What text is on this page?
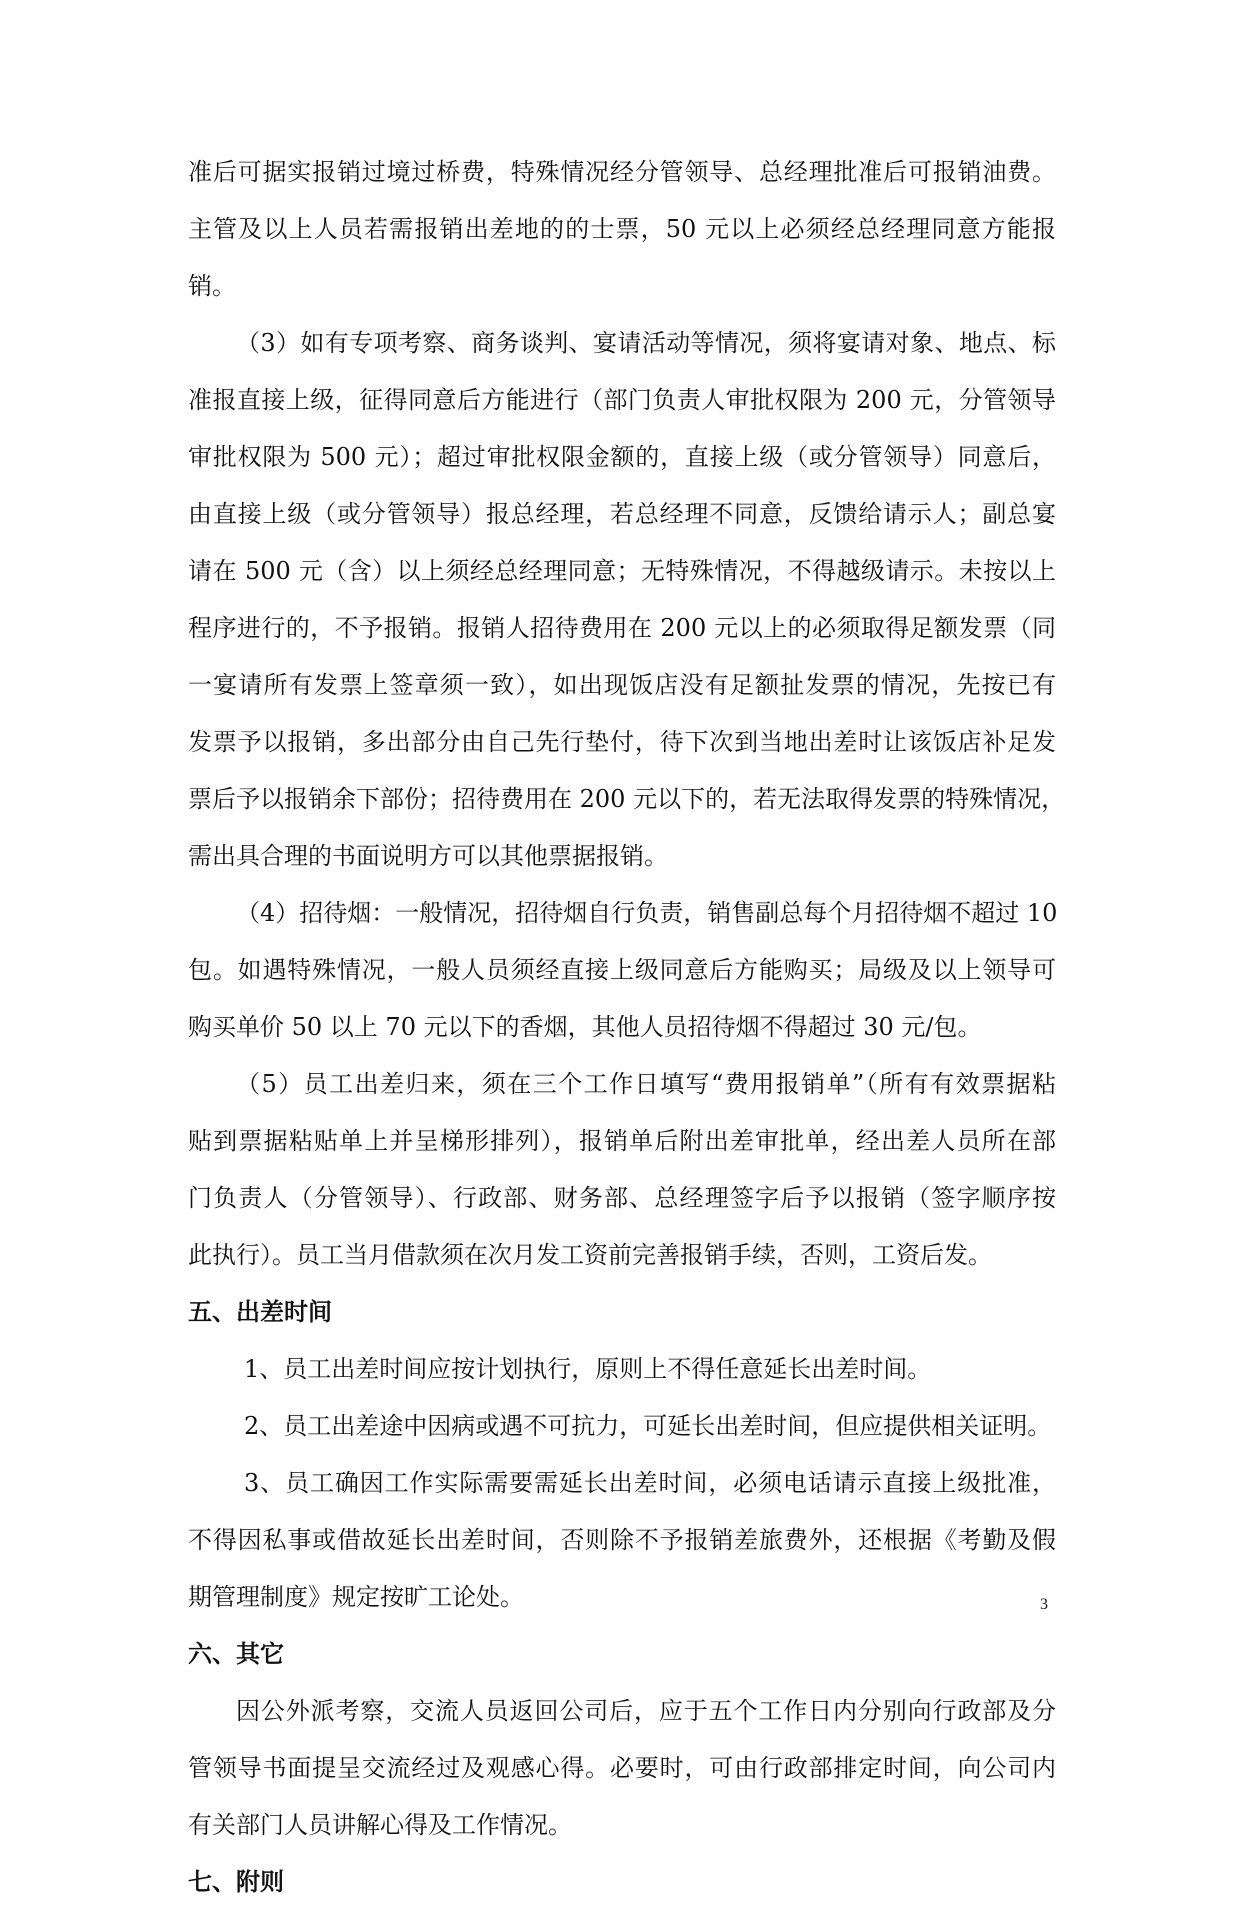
准后可据实报销过境过桥费，特殊情况经分管领导、总经理批准后可报销油费。
主管及以上人员若需报销出差地的的士票，50 元以上必须经总经理同意方能报
销。
（3）如有专项考察、商务谈判、宴请活动等情况，须将宴请对象、地点、标
准报直接上级，征得同意后方能进行（部门负责人审批权限为 200 元，分管领导
审批权限为 500 元）；超过审批权限金额的，直接上级（或分管领导）同意后，
由直接上级（或分管领导）报总经理，若总经理不同意，反馈给请示人；副总宴
请在 500 元（含）以上须经总经理同意；无特殊情况，不得越级请示。未按以上
程序进行的，不予报销。报销人招待费用在 200 元以上的必须取得足额发票（同
一宴请所有发票上签章须一致），如出现饭店没有足额扯发票的情况，先按已有
发票予以报销，多出部分由自己先行垫付，待下次到当地出差时让该饭店补足发
票后予以报销余下部份；招待费用在 200 元以下的，若无法取得发票的特殊情况，
需出具合理的书面说明方可以其他票据报销。
（4）招待烟：一般情况，招待烟自行负责，销售副总每个月招待烟不超过 10
包。如遇特殊情况，一般人员须经直接上级同意后方能购买；局级及以上领导可
购买单价 50 以上 70 元以下的香烟，其他人员招待烟不得超过 30 元/包。
（5）员工出差归来，须在三个工作日填写“费用报销单”（所有有效票据粘
贴到票据粘贴单上并呈梯形排列），报销单后附出差审批单，经出差人员所在部
门负责人（分管领导）、行政部、财务部、总经理签字后予以报销（签字顺序按
此执行）。员工当月借款须在次月发工资前完善报销手续，否则，工资后发。
五、出差时间
1、员工出差时间应按计划执行，原则上不得任意延长出差时间。
2、员工出差途中因病或遇不可抗力，可延长出差时间，但应提供相关证明。
3、员工确因工作实际需要需延长出差时间，必须电话请示直接上级批准，
不得因私事或借故延长出差时间，否则除不予报销差旅费外，还根据《考勤及假
期管理制度》规定按旷工论处。
六、其它
因公外派考察，交流人员返回公司后，应于五个工作日内分别向行政部及分
管领导书面提呈交流经过及观感心得。必要时，可由行政部排定时间，向公司内
有关部门人员讲解心得及工作情况。
七、附则
3
